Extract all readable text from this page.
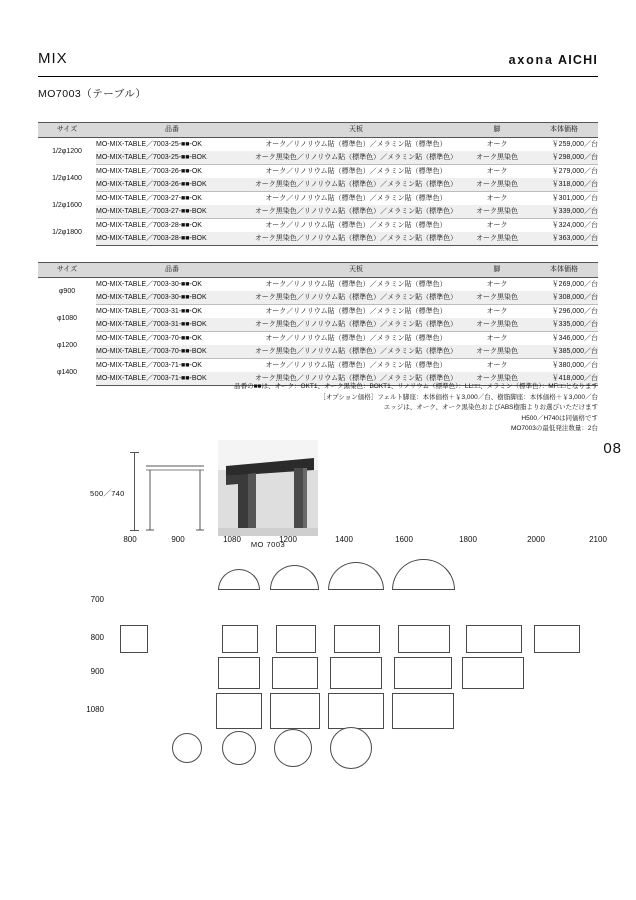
MIX	axona AICHI
MO7003（テーブル）
サイズ	品番	天板	脚	本体価格
1/2φ1200	MO-MIX-TABLE／7003-25-■■-OK	オーク／リノリウム貼（標準色）／メラミン貼（標準色）	オーク	￥259,000／台
	MO-MIX-TABLE／7003-25-■■-BOK	オーク黒染色／リノリウム貼（標準色）／メラミン貼（標準色）	オーク黒染色	￥298,000／台
1/2φ1400	MO-MIX-TABLE／7003-26-■■-OK	オーク／リノリウム貼（標準色）／メラミン貼（標準色）	オーク	￥279,000／台
	MO-MIX-TABLE／7003-26-■■-BOK	オーク黒染色／リノリウム貼（標準色）／メラミン貼（標準色）	オーク黒染色	￥318,000／台
1/2φ1600	MO-MIX-TABLE／7003-27-■■-OK	オーク／リノリウム貼（標準色）／メラミン貼（標準色）	オーク	￥301,000／台
	MO-MIX-TABLE／7003-27-■■-BOK	オーク黒染色／リノリウム貼（標準色）／メラミン貼（標準色）	オーク黒染色	￥339,000／台
1/2φ1800	MO-MIX-TABLE／7003-28-■■-OK	オーク／リノリウム貼（標準色）／メラミン貼（標準色）	オーク	￥324,000／台
	MO-MIX-TABLE／7003-28-■■-BOK	オーク黒染色／リノリウム貼（標準色）／メラミン貼（標準色）	オーク黒染色	￥363,000／台
サイズ	品番	天板	脚	本体価格
φ900	MO-MIX-TABLE／7003-30-■■-OK	オーク／リノリウム貼（標準色）／メラミン貼（標準色）	オーク	￥269,000／台
	MO-MIX-TABLE／7003-30-■■-BOK	オーク黒染色／リノリウム貼（標準色）／メラミン貼（標準色）	オーク黒染色	￥308,000／台
φ1080	MO-MIX-TABLE／7003-31-■■-OK	オーク／リノリウム貼（標準色）／メラミン貼（標準色）	オーク	￥296,000／台
	MO-MIX-TABLE／7003-31-■■-BOK	オーク黒染色／リノリウム貼（標準色）／メラミン貼（標準色）	オーク黒染色	￥335,000／台
φ1200	MO-MIX-TABLE／7003-70-■■-OK	オーク／リノリウム貼（標準色）／メラミン貼（標準色）	オーク	￥346,000／台
	MO-MIX-TABLE／7003-70-■■-BOK	オーク黒染色／リノリウム貼（標準色）／メラミン貼（標準色）	オーク黒染色	￥385,000／台
φ1400	MO-MIX-TABLE／7003-71-■■-OK	オーク／リノリウム貼（標準色）／メラミン貼（標準色）	オーク	￥380,000／台
	MO-MIX-TABLE／7003-71-■■-BOK	オーク黒染色／リノリウム貼（標準色）／メラミン貼（標準色）	オーク黒染色	￥418,000／台
品番の■■は、オーク：OKT1、オーク黒染色：BOKT1、リノリウム（標準色）：LL□□、メラミン（標準色）：MF□□となります
［オプション価格］フェルト脚座：本体価格＋￥3,000／台、樹脂脚座：本体価格＋￥3,000／台
エッジは、オーク、オーク黒染色およびABS樹脂よりお選びいただけます
H500／H740は同価格です
MO7003の最低発注数量：2台
08
500／740
MO 7003
800	900	1080	1200	1400	1600	1800	2000	2100
700
800
900
1080
